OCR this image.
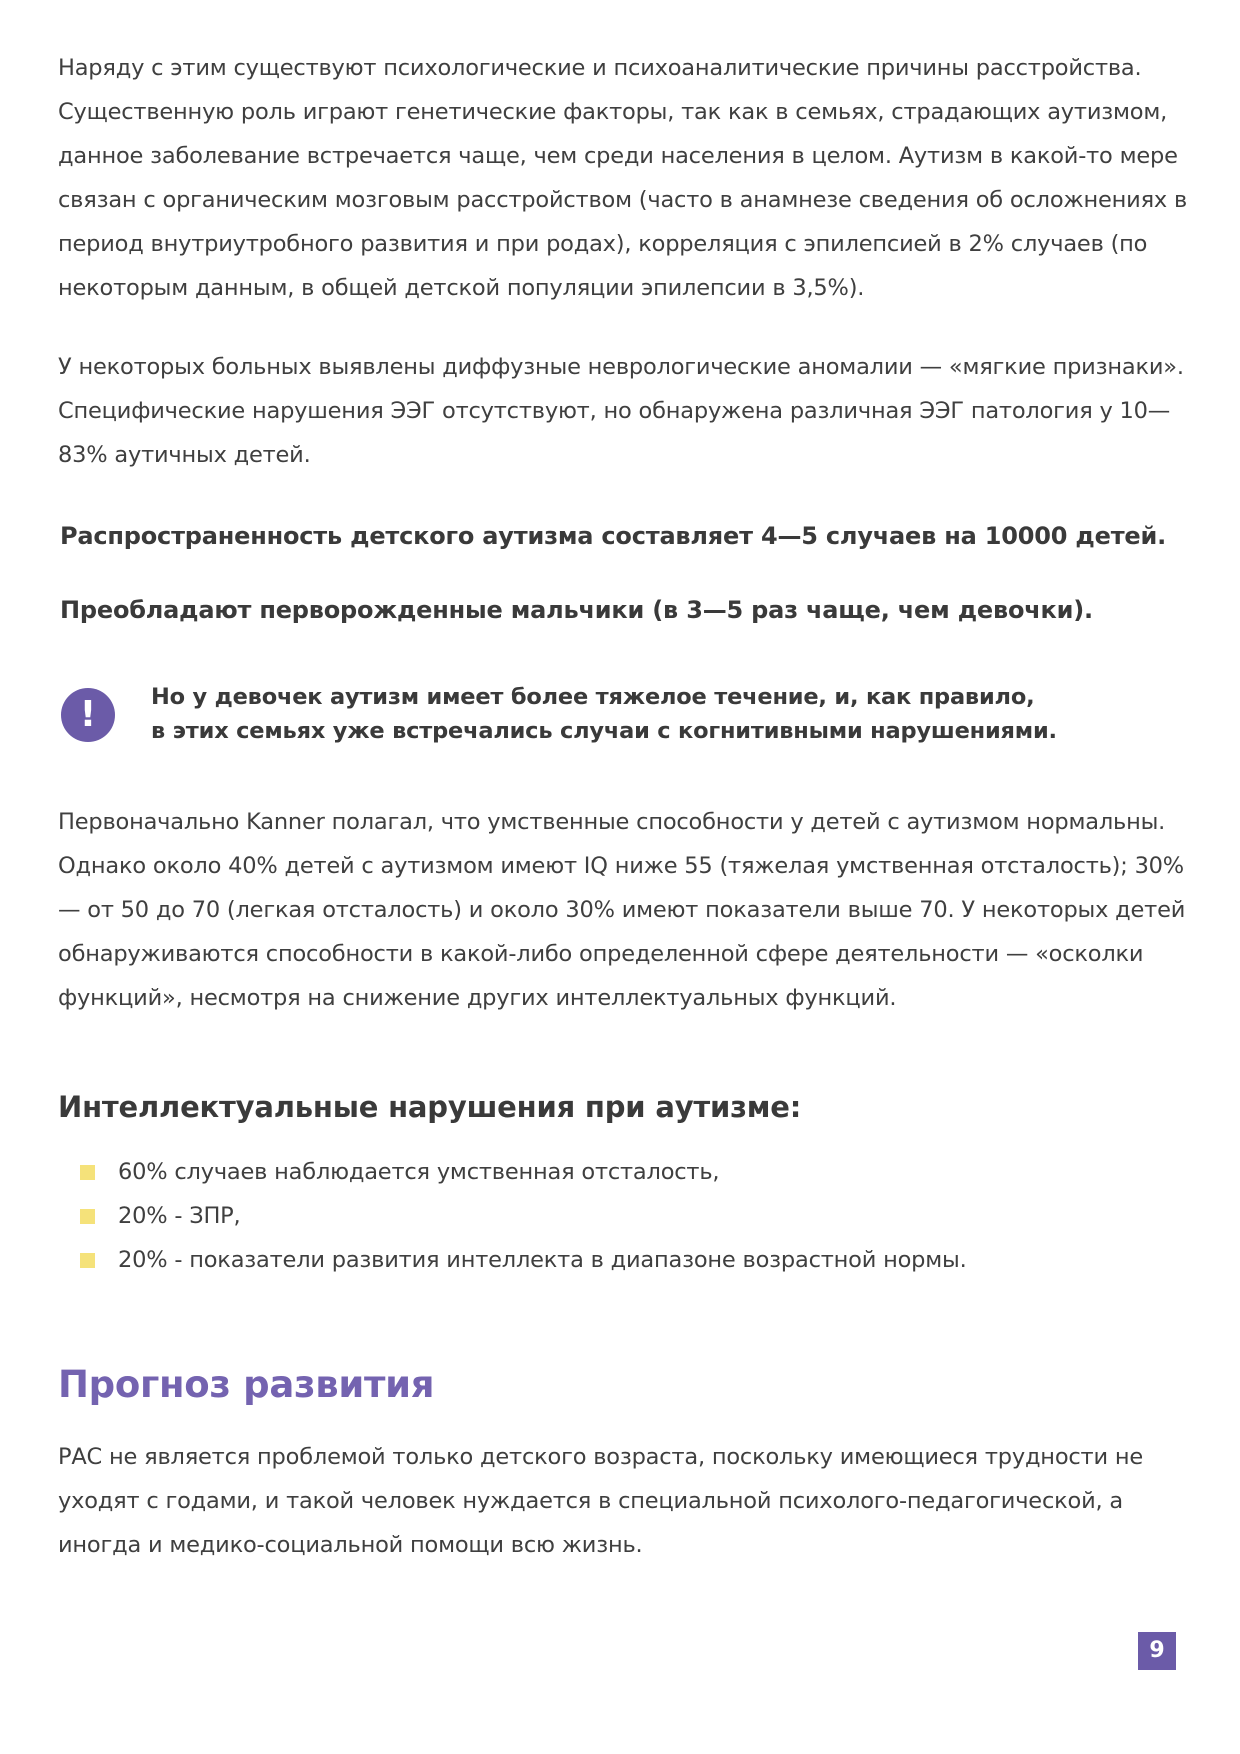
Наряду с этим существуют психологические и психоаналитические причины расстройства. Существенную роль играют генетические факторы, так как в семьях, страдающих аутизмом, данное заболевание встречается чаще, чем среди населения в целом. Аутизм в какой-то мере связан с органическим мозговым расстройством (часто в анамнезе сведения об осложнениях в период внутриутробного развития и при родах), корреляция с эпилепсией в 2% случаев (по некоторым данным, в общей детской популяции эпилепсии в 3,5%).

У некоторых больных выявлены диффузные неврологические аномалии — «мягкие признаки». Специфические нарушения ЭЭГ отсутствуют, но обнаружена различная ЭЭГ патология у 10—83% аутичных детей.

Распространенность детского аутизма составляет 4—5 случаев на 10000 детей.

Преобладают перворожденные мальчики (в 3—5 раз чаще, чем девочки).

!	Но у девочек аутизм имеет более тяжелое течение, и, как правило,
в этих семьях уже встречались случаи с когнитивными нарушениями.

Первоначально Kanner полагал, что умственные способности у детей с аутизмом нормальны. Однако около 40% детей с аутизмом имеют IQ ниже 55 (тяжелая умственная отсталость); 30% — от 50 до 70 (легкая отсталость) и около 30% имеют показатели выше 70. У некоторых детей обнаруживаются способности в какой-либо определенной сфере деятельности — «осколки функций», несмотря на снижение других интеллектуальных функций.

Интеллектуальные нарушения при аутизме:
60% случаев наблюдается умственная отсталость,
20% - ЗПР,
20% - показатели развития интеллекта в диапазоне возрастной нормы.
Прогноз развития

РАС не является проблемой только детского возраста, поскольку имеющиеся трудности не уходят с годами, и такой человек нуждается в специальной психолого-педагогической, а иногда и медико-социальной помощи всю жизнь.

9
